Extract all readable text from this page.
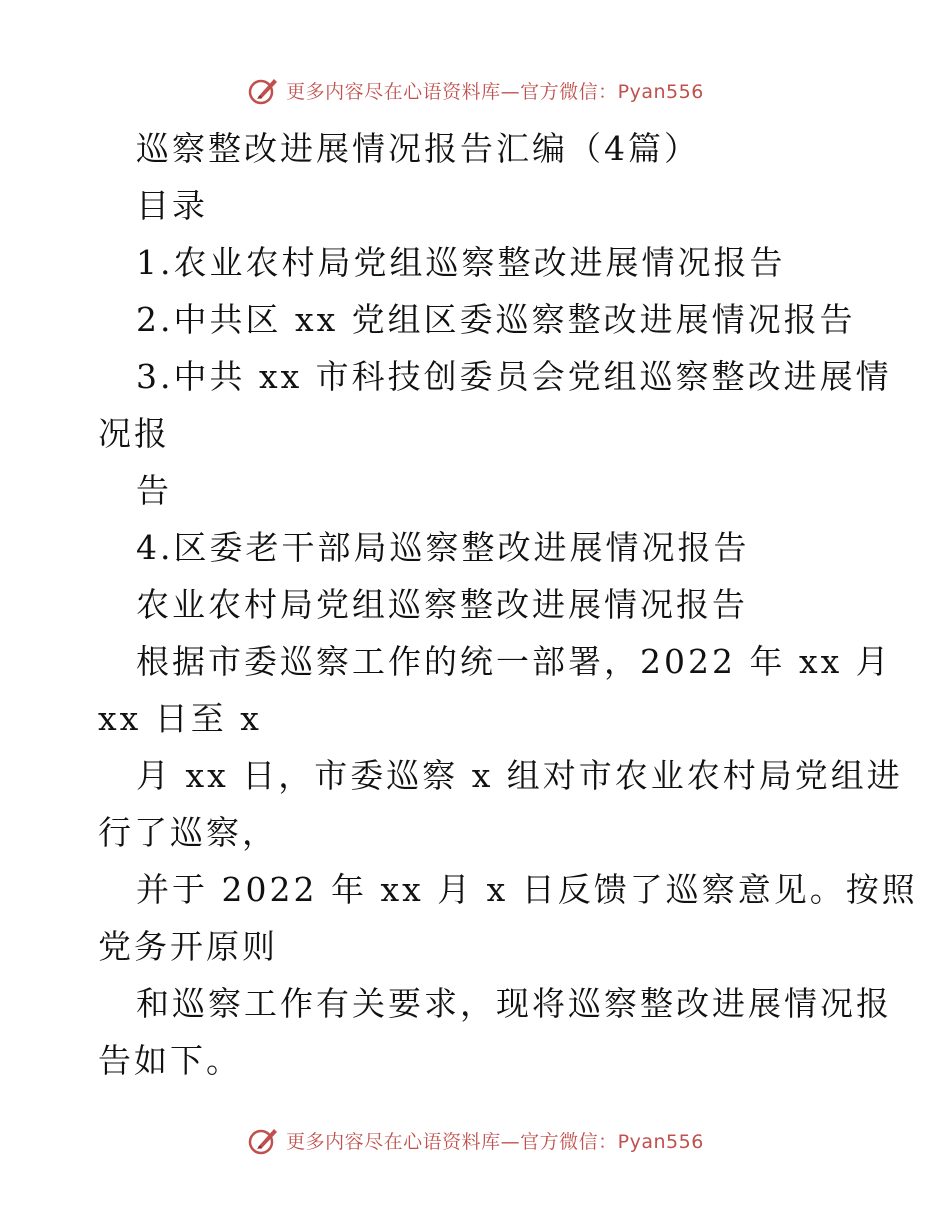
更多内容尽在心语资料库—官方微信：Pyan556
巡察整改进展情况报告汇编（4篇）
目录
1.农业农村局党组巡察整改进展情况报告
2.中共区 xx 党组区委巡察整改进展情况报告
3.中共 xx 市科技创委员会党组巡察整改进展情
况报
告
4.区委老干部局巡察整改进展情况报告
农业农村局党组巡察整改进展情况报告
根据市委巡察工作的统一部署，2022 年 xx 月
xx 日至 x
月 xx 日，市委巡察 x 组对市农业农村局党组进
行了巡察，
并于 2022 年 xx 月 x 日反馈了巡察意见。按照
党务开原则
和巡察工作有关要求，现将巡察整改进展情况报
告如下。
更多内容尽在心语资料库—官方微信：Pyan556
